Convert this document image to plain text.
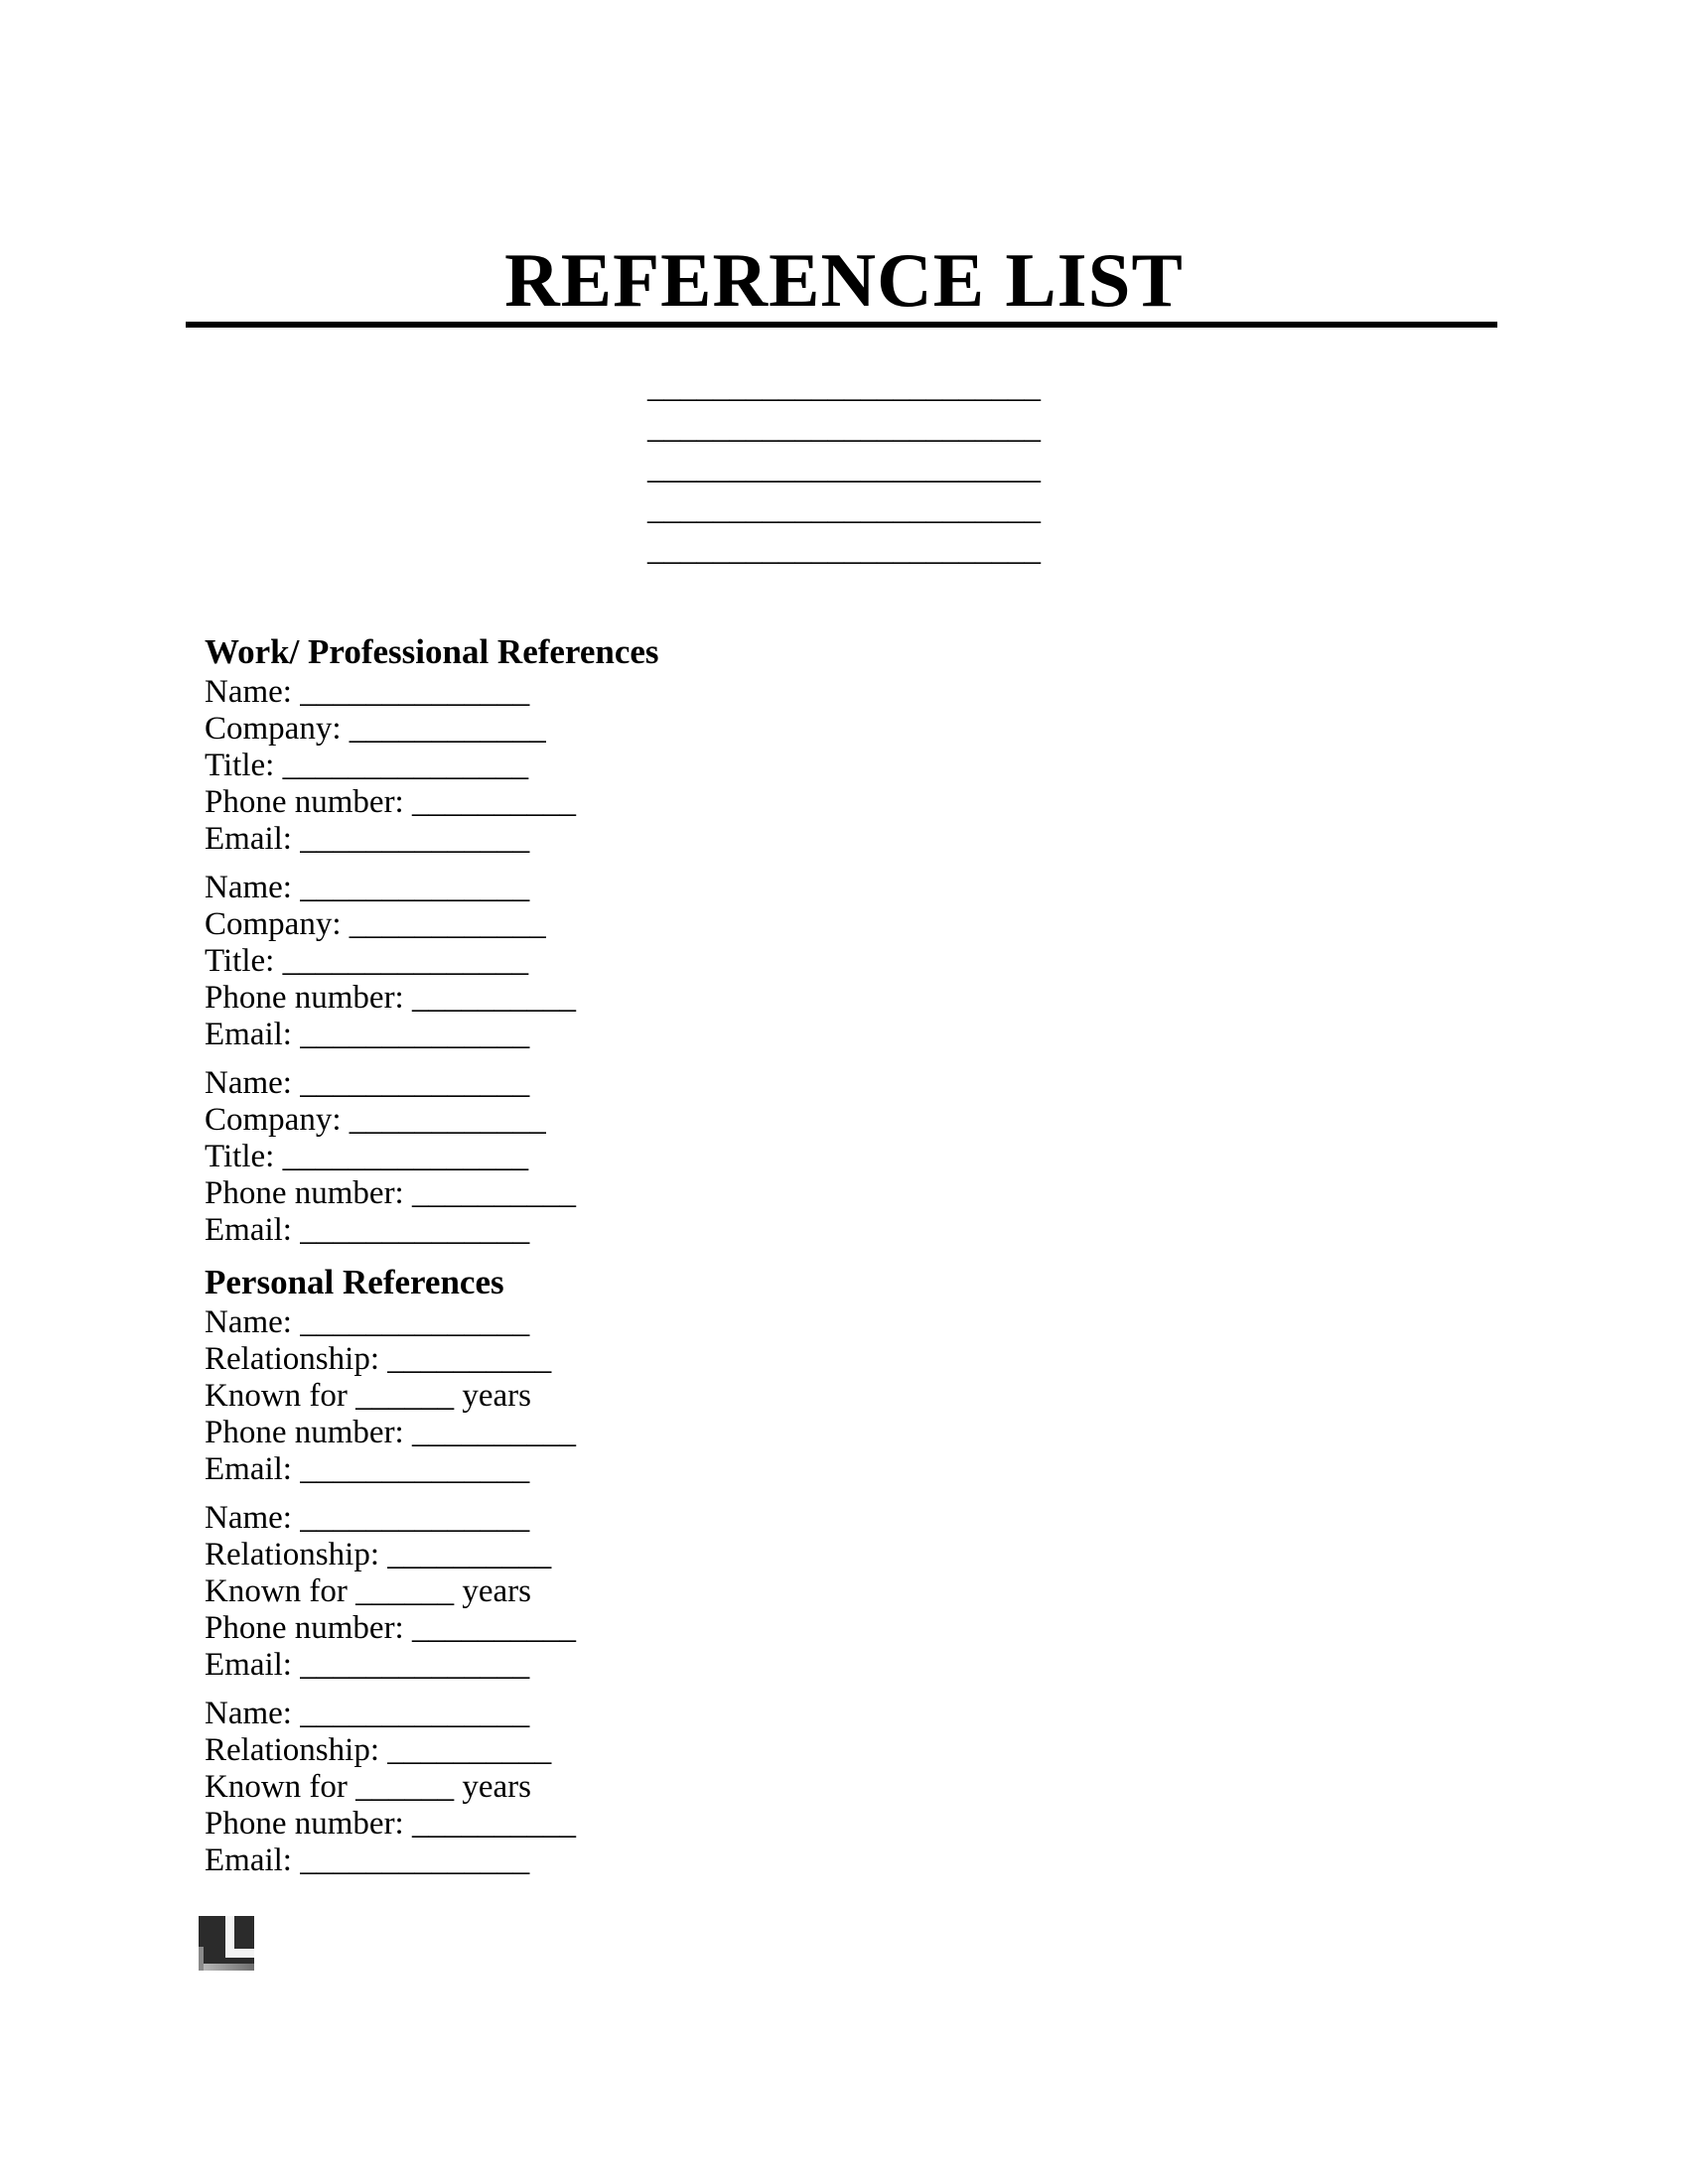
REFERENCE LIST
________________________
________________________
________________________
________________________
________________________
Work/ Professional References
Name: ______________
Company: ____________
Title: _______________
Phone number: __________
Email: ______________
Name: ______________
Company: ____________
Title: _______________
Phone number: __________
Email: ______________
Name: ______________
Company: ____________
Title: _______________
Phone number: __________
Email: ______________
Personal References
Name: ______________
Relationship: __________
Known for ______ years
Phone number: __________
Email: ______________
Name: ______________
Relationship: __________
Known for ______ years
Phone number: __________
Email: ______________
Name: ______________
Relationship: __________
Known for ______ years
Phone number: __________
Email: ______________
